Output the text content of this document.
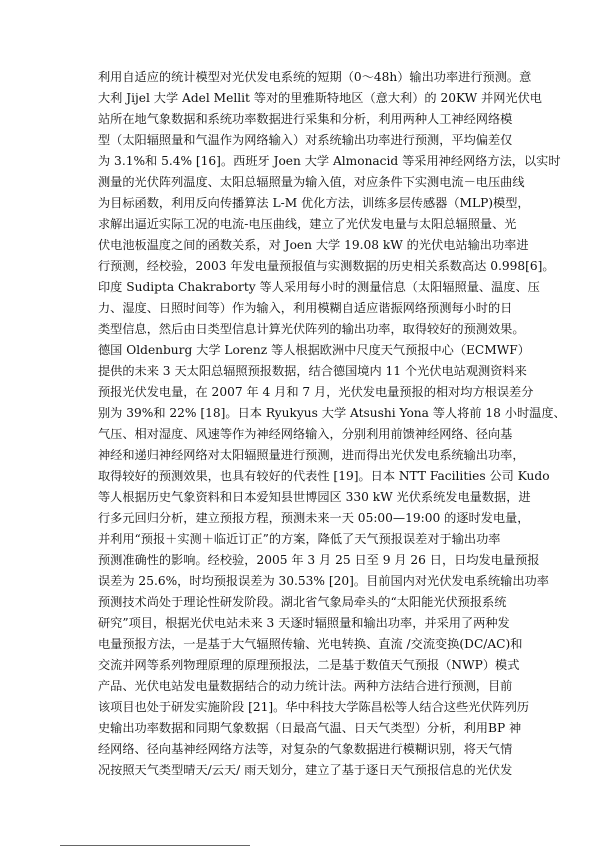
利用自适应的统计模型对光伏发电系统的短期（0～48h）输出功率进行预测。意
大利 Jijel 大学 Adel Mellit 等对的里雅斯特地区（意大利）的 20KW 并网光伏电
站所在地气象数据和系统功率数据进行采集和分析，利用两种人工神经网络模
型（太阳辐照量和气温作为网络输入）对系统输出功率进行预测，平均偏差仅
为 3.1%和 5.4% [16]。西班牙 Joen 大学 Almonacid 等采用神经网络方法，以实时
测量的光伏阵列温度、太阳总辐照量为输入值，对应条件下实测电流－电压曲线
为目标函数，利用反向传播算法 L-M 优化方法，训练多层传感器（MLP)模型，
求解出逼近实际工况的电流-电压曲线，建立了光伏发电量与太阳总辐照量、光
伏电池板温度之间的函数关系，对 Joen 大学 19.08 kW 的光伏电站输出功率进
行预测，经校验，2003 年发电量预报值与实测数据的历史相关系数高达 0.998[6]。
印度 Sudipta Chakraborty 等人采用每小时的测量信息（太阳辐照量、温度、压
力、湿度、日照时间等）作为输入，利用模糊自适应谐振网络预测每小时的日
类型信息，然后由日类型信息计算光伏阵列的输出功率，取得较好的预测效果。
德国 Oldenburg 大学 Lorenz 等人根据欧洲中尺度天气预报中心（ECMWF）
提供的未来 3 天太阳总辐照预报数据，结合德国境内 11 个光伏电站观测资料来
预报光伏发电量，在 2007 年 4 月和 7 月，光伏发电量预报的相对均方根误差分
别为 39%和 22% [18]。日本 Ryukyus 大学 Atsushi Yona 等人将前 18 小时温度、
气压、相对湿度、风速等作为神经网络输入，分别利用前馈神经网络、径向基
神经和递归神经网络对太阳辐照量进行预测，进而得出光伏发电系统输出功率，
取得较好的预测效果，也具有较好的代表性 [19]。日本 NTT Facilities 公司 Kudo
等人根据历史气象资料和日本爱知县世博园区 330 kW 光伏系统发电量数据，进
行多元回归分析，建立预报方程，预测未来一天 05:00—19:00 的逐时发电量，
并利用“预报＋实测＋临近订正”的方案，降低了天气预报误差对于输出功率
预测准确性的影响。经校验，2005 年 3 月 25 日至 9 月 26 日，日均发电量预报
误差为 25.6%，时均预报误差为 30.53% [20]。目前国内对光伏发电系统输出功率
预测技术尚处于理论性研发阶段。湖北省气象局牵头的“太阳能光伏预报系统
研究”项目，根据光伏电站未来 3 天逐时辐照量和输出功率，并采用了两种发
电量预报方法，一是基于大气辐照传输、光电转换、直流 /交流变换(DC/AC)和
交流并网等系列物理原理的原理预报法，二是基于数值天气预报（NWP）模式
产品、光伏电站发电量数据结合的动力统计法。两种方法结合进行预测，目前
该项目也处于研发实施阶段 [21]。华中科技大学陈昌松等人结合这些光伏阵列历
史输出功率数据和同期气象数据（日最高气温、日天气类型）分析，利用BP 神
经网络、径向基神经网络方法等，对复杂的气象数据进行模糊识别，将天气情
况按照天气类型晴天/云天/ 雨天划分，建立了基于逐日天气预报信息的光伏发
